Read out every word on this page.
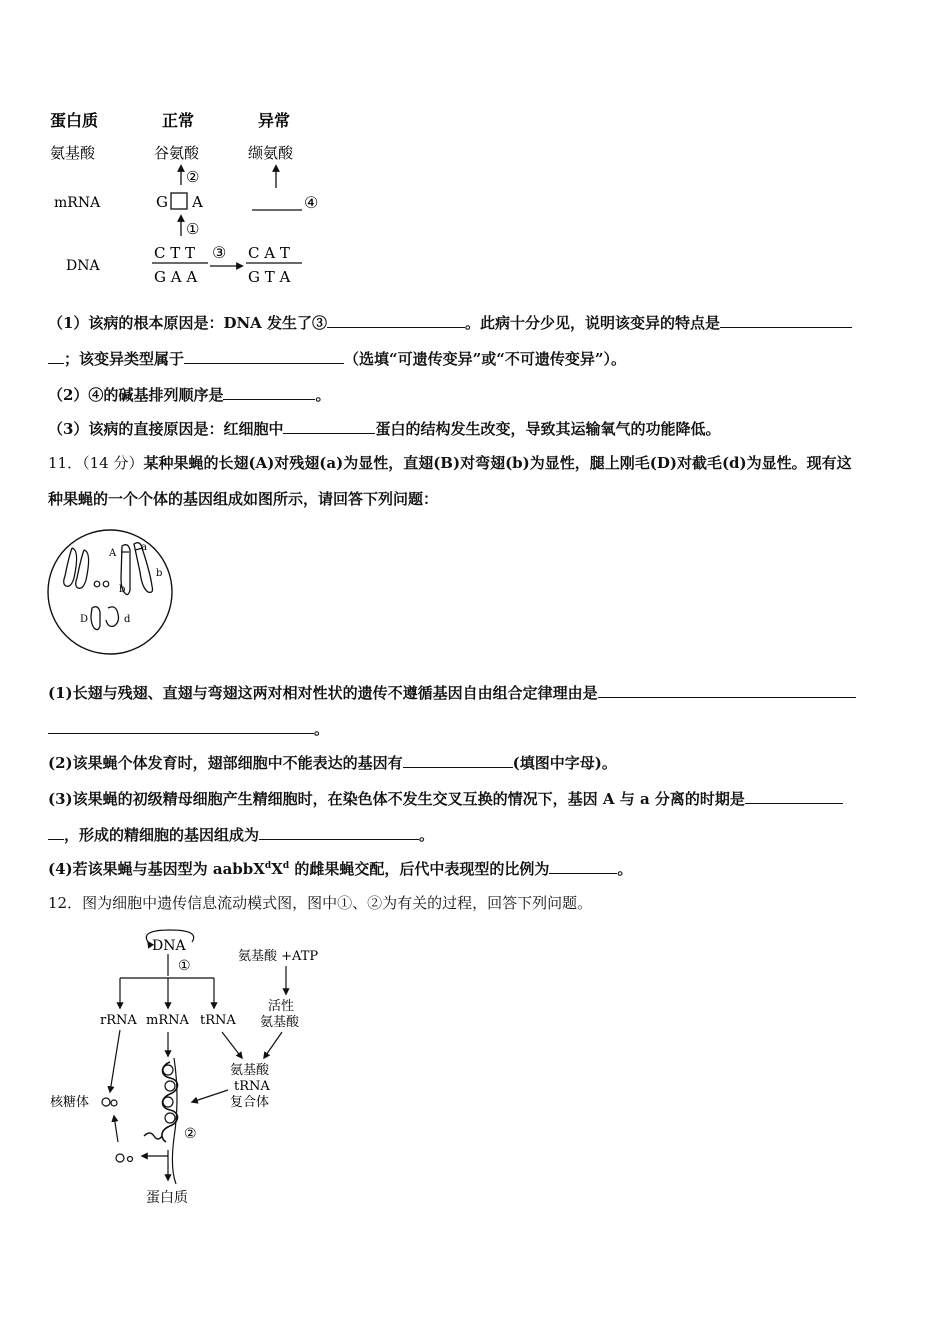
蛋白质	正常	异常
氨基酸	谷氨酸	缬氨酸
②
mRNA	G A	④
①
DNA
C T T
G A A
③ C A T
G T A
（1）该病的根本原因是：DNA 发生了③	。此病十分少见，说明该变异的特点是
；该变异类型属于	（选填“可遗传变异”或“不可遗传变异”）。
（2）④的碱基排列顺序是	。
（3）该病的直接原因是：红细胞中	蛋白的结构发生改变，导致其运输氧气的功能降低。
11．（14 分）某种果蝇的长翅(A)对残翅(a)为显性，直翅(B)对弯翅(b)为显性，腿上刚毛(D)对截毛(d)为显性。现有这
种果蝇的一个个体的基因组成如图所示，请回答下列问题：
A
a
b
b
D	d
(1)长翅与残翅、直翅与弯翅这两对相对性状的遗传不遵循基因自由组合定律理由是
。
(2)该果蝇个体发育时，翅部细胞中不能表达的基因有	(填图中字母)。
(3)该果蝇的初级精母细胞产生精细胞时，在染色体不发生交叉互换的情况下，基因 A 与 a 分离的时期是
，形成的精细胞的基因组成为	。
(4)若该果蝇与基因型为 $aabbX^dX^d$ 的雌果蝇交配，后代中表现型的比例为	。
12．图为细胞中遗传信息流动模式图，图中①、②为有关的过程，回答下列问题。
DNA
①
rRNA mRNA tRNA
氨基酸 +ATP
活性
氨基酸
氨基酸
tRNA
复合体
②
核糖体
蛋白质
